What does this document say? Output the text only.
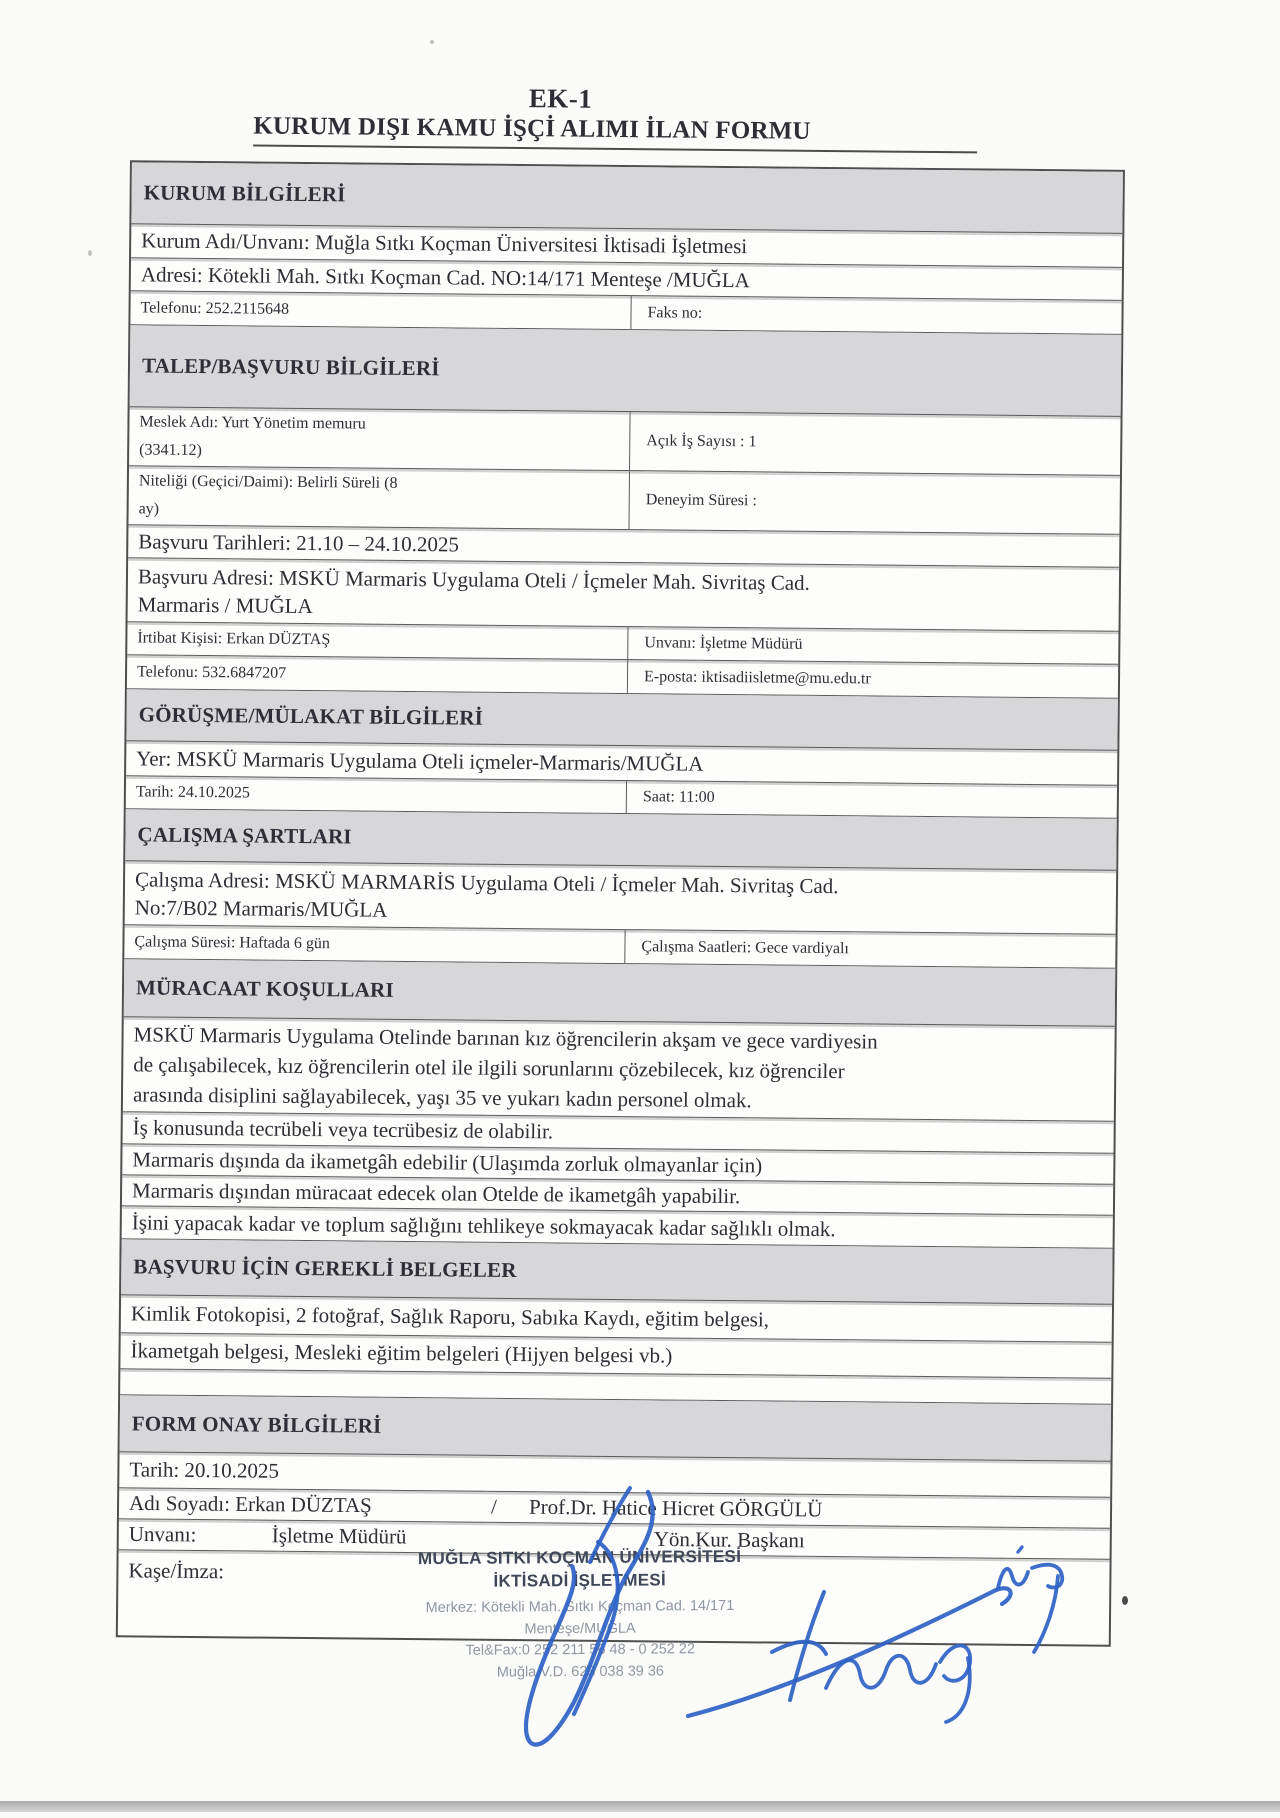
EK-1
KURUM DIŞI KAMU İŞÇİ ALIMI İLAN FORMU
KURUM BİLGİLERİ
Kurum Adı/Unvanı: Muğla Sıtkı Koçman Üniversitesi İktisadi İşletmesi
Adresi: Kötekli Mah. Sıtkı Koçman Cad. NO:14/171 Menteşe /MUĞLA
Telefonu: 252.2115648	Faks no:
TALEP/BAŞVURU BİLGİLERİ
Meslek Adı: Yurt Yönetim memuru
(3341.12)	Açık İş Sayısı : 1
Niteliği (Geçici/Daimi): Belirli Süreli (8
ay)	Deneyim Süresi :
Başvuru Tarihleri: 21.10 – 24.10.2025
Başvuru Adresi: MSKÜ Marmaris Uygulama Oteli / İçmeler Mah. Sivritaş Cad.
Marmaris / MUĞLA
İrtibat Kişisi: Erkan DÜZTAŞ	Unvanı: İşletme Müdürü
Telefonu: 532.6847207	E-posta: iktisadiisletme@mu.edu.tr
GÖRÜŞME/MÜLAKAT BİLGİLERİ
Yer: MSKÜ Marmaris Uygulama Oteli içmeler-Marmaris/MUĞLA
Tarih: 24.10.2025	Saat: 11:00
ÇALIŞMA ŞARTLARI
Çalışma Adresi: MSKÜ MARMARİS Uygulama Oteli / İçmeler Mah. Sivritaş Cad.
No:7/B02 Marmaris/MUĞLA
Çalışma Süresi: Haftada 6 gün	Çalışma Saatleri: Gece vardiyalı
MÜRACAAT KOŞULLARI
MSKÜ Marmaris Uygulama Otelinde barınan kız öğrencilerin akşam ve gece vardiyesin
de çalışabilecek, kız öğrencilerin otel ile ilgili sorunlarını çözebilecek, kız öğrenciler
arasında disiplini sağlayabilecek, yaşı 35 ve yukarı kadın personel olmak.
İş konusunda tecrübeli veya tecrübesiz de olabilir.
Marmaris dışında da ikametgâh edebilir (Ulaşımda zorluk olmayanlar için)
Marmaris dışından müracaat edecek olan Otelde de ikametgâh yapabilir.
İşini yapacak kadar ve toplum sağlığını tehlikeye sokmayacak kadar sağlıklı olmak.
BAŞVURU İÇİN GEREKLİ BELGELER
Kimlik Fotokopisi, 2 fotoğraf, Sağlık Raporu, Sabıka Kaydı, eğitim belgesi,
İkametgah belgesi, Mesleki eğitim belgeleri (Hijyen belgesi vb.)
FORM ONAY BİLGİLERİ
Tarih: 20.10.2025
Adı Soyadı: Erkan DÜZTAŞ	/ Prof.Dr. Hatice Hicret GÖRGÜLÜ
Unvanı:	İşletme Müdürü	Yön.Kur. Başkanı
Kaşe/İmza:
MUĞLA SITKI KOÇMAN ÜNİVERSİTESİ
İKTİSADİ İŞLETMESİ
Merkez: Kötekli Mah. Sıtkı Koçman Cad. 14/171
Menteşe/MUĞLA
Tel&Fax:0 252 211 56 48 - 0 252 22
Muğla V.D. 623 038 39 36
